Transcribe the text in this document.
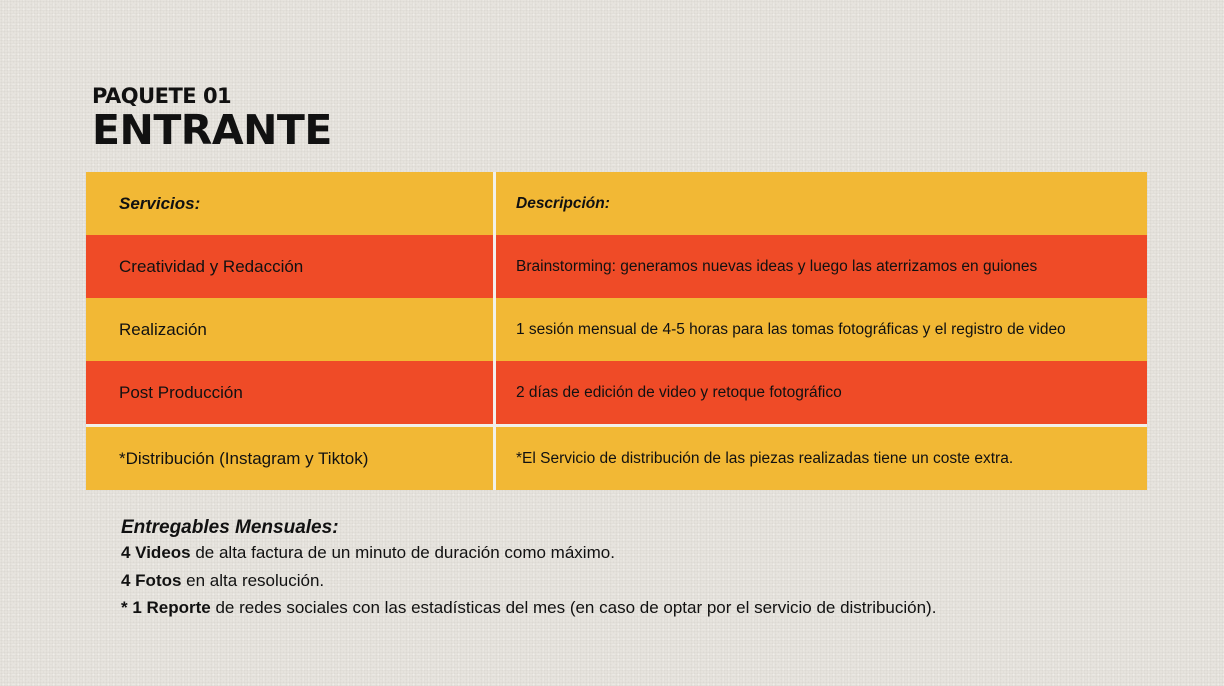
PAQUETE 01
ENTRANTE
Servicios:	Descripción:
Creatividad y Redacción	Brainstorming: generamos nuevas ideas y luego las aterrizamos en guiones
Realización	1 sesión mensual de 4-5 horas para las tomas fotográficas y el registro de video
Post Producción	2 días de edición de video y retoque fotográfico
*Distribución (Instagram y Tiktok)	*El Servicio de distribución de las piezas realizadas tiene un coste extra.
Entregables Mensuales:
4 Videos de alta factura de un minuto de duración como máximo.
4 Fotos en alta resolución.
* 1 Reporte de redes sociales con las estadísticas del mes (en caso de optar por el servicio de distribución).
